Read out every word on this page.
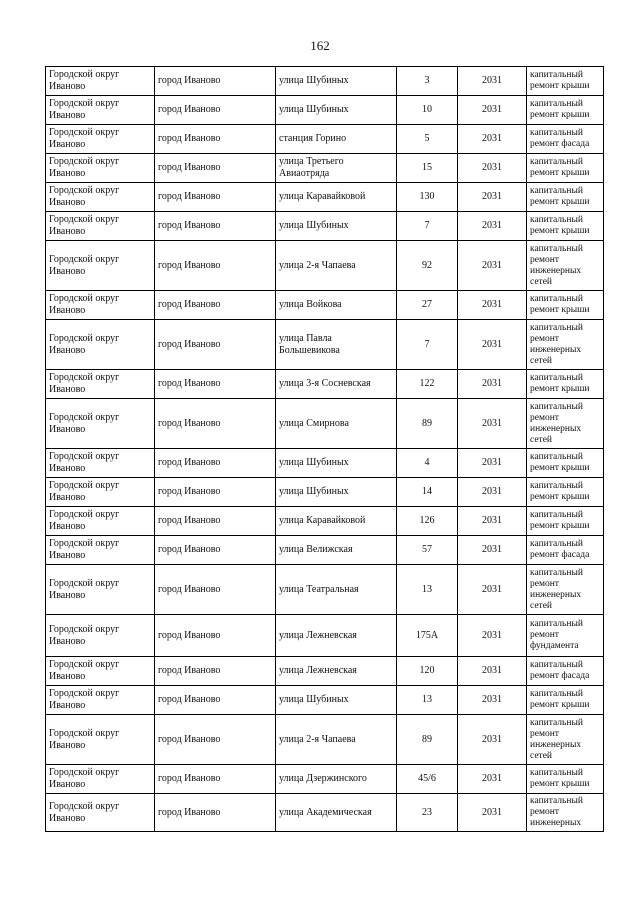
162
Городской округ Иваново	город Иваново	улица Шубиных	3	2031	капитальный ремонт крыши
Городской округ Иваново	город Иваново	улица Шубиных	10	2031	капитальный ремонт крыши
Городской округ Иваново	город Иваново	станция Горино	5	2031	капитальный ремонт фасада
Городской округ Иваново	город Иваново	улица Третьего Авиаотряда	15	2031	капитальный ремонт крыши
Городской округ Иваново	город Иваново	улица Каравайковой	130	2031	капитальный ремонт крыши
Городской округ Иваново	город Иваново	улица Шубиных	7	2031	капитальный ремонт крыши
Городской округ Иваново	город Иваново	улица 2-я Чапаева	92	2031	капитальный ремонт инженерных сетей
Городской округ Иваново	город Иваново	улица Войкова	27	2031	капитальный ремонт крыши
Городской округ Иваново	город Иваново	улица Павла Большевикова	7	2031	капитальный ремонт инженерных сетей
Городской округ Иваново	город Иваново	улица 3-я Сосневская	122	2031	капитальный ремонт крыши
Городской округ Иваново	город Иваново	улица Смирнова	89	2031	капитальный ремонт инженерных сетей
Городской округ Иваново	город Иваново	улица Шубиных	4	2031	капитальный ремонт крыши
Городской округ Иваново	город Иваново	улица Шубиных	14	2031	капитальный ремонт крыши
Городской округ Иваново	город Иваново	улица Каравайковой	126	2031	капитальный ремонт крыши
Городской округ Иваново	город Иваново	улица Велижская	57	2031	капитальный ремонт фасада
Городской округ Иваново	город Иваново	улица Театральная	13	2031	капитальный ремонт инженерных сетей
Городской округ Иваново	город Иваново	улица Лежневская	175А	2031	капитальный ремонт фундамента
Городской округ Иваново	город Иваново	улица Лежневская	120	2031	капитальный ремонт фасада
Городской округ Иваново	город Иваново	улица Шубиных	13	2031	капитальный ремонт крыши
Городской округ Иваново	город Иваново	улица 2-я Чапаева	89	2031	капитальный ремонт инженерных сетей
Городской округ Иваново	город Иваново	улица Дзержинского	45/6	2031	капитальный ремонт крыши
Городской округ Иваново	город Иваново	улица Академическая	23	2031	капитальный ремонт инженерных
